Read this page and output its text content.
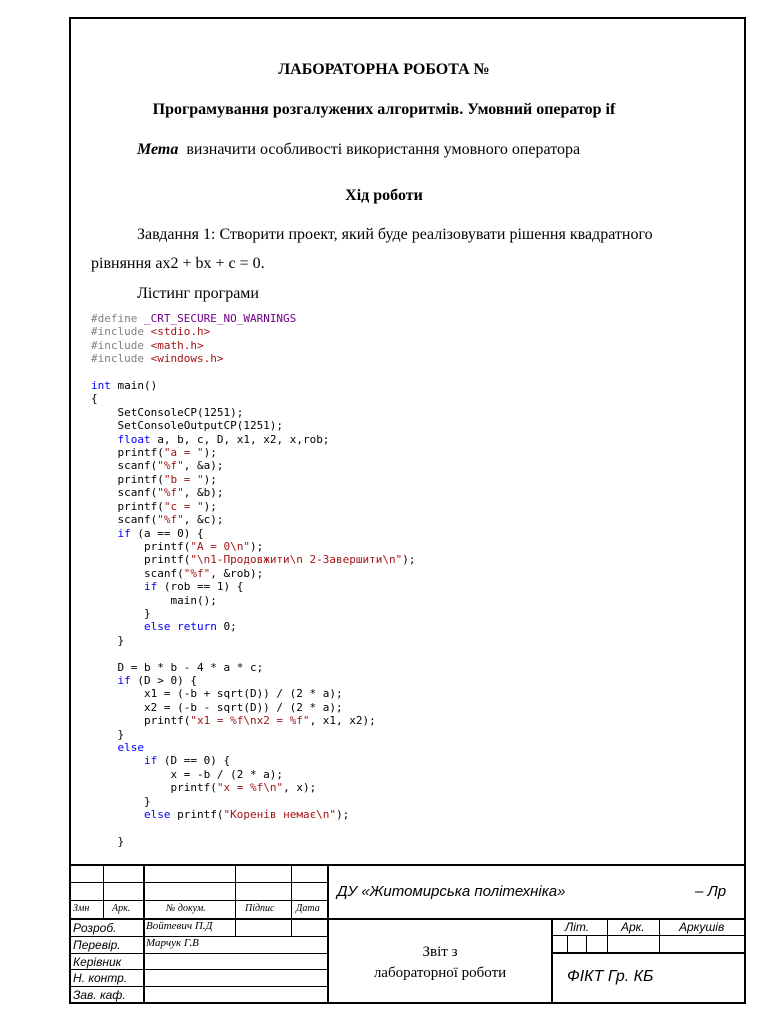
ЛАБОРАТОРНА РОБОТА №
Програмування розгалужених алгоритмів. Умовний оператор if
Мета визначити особливості використання умовного оператора
Хід роботи
Завдання 1: Створити проект, який буде реалізовувати рішення квадратного
рівняння ax2 + bx + c = 0.
Лістинг програми
#define _CRT_SECURE_NO_WARNINGS
#include <stdio.h>
#include <math.h>
#include <windows.h>

int main()
{
SetConsoleCP(1251);
SetConsoleOutputCP(1251);
float a, b, c, D, x1, x2, x,rob;
printf("a = ");
scanf("%f", &a);
printf("b = ");
scanf("%f", &b);
printf("c = ");
scanf("%f", &c);
if (a == 0) {
printf("A = 0\n");
printf("\n1-Продовжити\n 2-Завершити\n");
scanf("%f", &rob);
if (rob == 1) {
main();
}
else return 0;
}

D = b * b - 4 * a * c;
if (D > 0) {
x1 = (-b + sqrt(D)) / (2 * a);
x2 = (-b - sqrt(D)) / (2 * a);
printf("x1 = %f\nx2 = %f", x1, x2);
}
else
if (D == 0) {
x = -b / (2 * a);
printf("x = %f\n", x);
}
else printf("Коренів немає\n");

}
Змн Арк.	№ докум.	Підпис Дата
ДУ «Житомирська політехніка»	– Лр
Розроб.	Войтевич П.Д
Перевір. Марчук Г.В
Керівник
Н. контр.
Зав. каф.
Звіт з
лабораторної роботи
Літ.	Арк.	Аркушів
ФІКТ Гр. КБ
